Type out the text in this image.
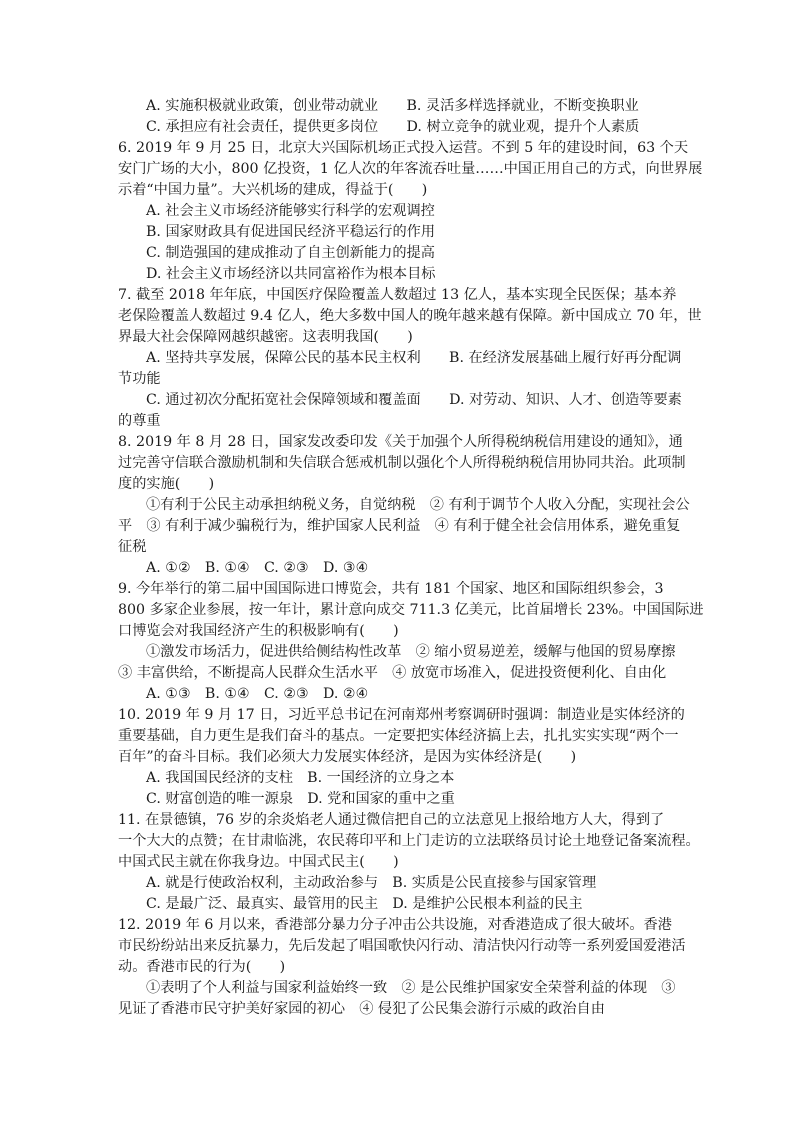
A. 实施积极就业政策，创业带动就业　　B. 灵活多样选择就业，不断变换职业
C. 承担应有社会责任，提供更多岗位　　D. 树立竞争的就业观，提升个人素质
6. 2019 年 9 月 25 日，北京大兴国际机场正式投入运营。不到 5 年的建设时间，63 个天
安门广场的大小，800 亿投资，1 亿人次的年客流吞吐量……中国正用自己的方式，向世界展
示着“中国力量”。大兴机场的建成，得益于(　　)
A. 社会主义市场经济能够实行科学的宏观调控
B. 国家财政具有促进国民经济平稳运行的作用
C. 制造强国的建成推动了自主创新能力的提高
D. 社会主义市场经济以共同富裕作为根本目标
7. 截至 2018 年年底，中国医疗保险覆盖人数超过 13 亿人，基本实现全民医保；基本养
老保险覆盖人数超过 9.4 亿人，绝大多数中国人的晚年越来越有保障。新中国成立 70 年，世
界最大社会保障网越织越密。这表明我国(　　)
A. 坚持共享发展，保障公民的基本民主权利　　B. 在经济发展基础上履行好再分配调
节功能
C. 通过初次分配拓宽社会保障领域和覆盖面　　D. 对劳动、知识、人才、创造等要素
的尊重
8. 2019 年 8 月 28 日，国家发改委印发《关于加强个人所得税纳税信用建设的通知》，通
过完善守信联合激励机制和失信联合惩戒机制以强化个人所得税纳税信用协同共治。此项制
度的实施(　　)
①有利于公民主动承担纳税义务，自觉纳税　② 有利于调节个人收入分配，实现社会公
平　③ 有利于减少骗税行为，维护国家人民利益　④ 有利于健全社会信用体系，避免重复
征税
A. ①②　B. ①④　C. ②③　D. ③④
9. 今年举行的第二届中国国际进口博览会，共有 181 个国家、地区和国际组织参会，3
800 多家企业参展，按一年计，累计意向成交 711.3 亿美元，比首届增长 23%。中国国际进
口博览会对我国经济产生的积极影响有(　　)
①激发市场活力，促进供给侧结构性改革　② 缩小贸易逆差，缓解与他国的贸易摩擦
③ 丰富供给，不断提高人民群众生活水平　④ 放宽市场准入，促进投资便利化、自由化
A. ①③　B. ①④　C. ②③　D. ②④
10. 2019 年 9 月 17 日，习近平总书记在河南郑州考察调研时强调：制造业是实体经济的
重要基础，自力更生是我们奋斗的基点。一定要把实体经济搞上去，扎扎实实实现“两个一
百年”的奋斗目标。我们必须大力发展实体经济，是因为实体经济是(　　)
A. 我国国民经济的支柱　B. 一国经济的立身之本
C. 财富创造的唯一源泉　D. 党和国家的重中之重
11. 在景德镇，76 岁的余炎焰老人通过微信把自己的立法意见上报给地方人大，得到了
一个大大的点赞；在甘肃临洮，农民蒋印平和上门走访的立法联络员讨论土地登记备案流程。
中国式民主就在你我身边。中国式民主(　　)
A. 就是行使政治权利，主动政治参与　B. 实质是公民直接参与国家管理
C. 是最广泛、最真实、最管用的民主　D. 是维护公民根本利益的民主
12. 2019 年 6 月以来，香港部分暴力分子冲击公共设施，对香港造成了很大破坏。香港
市民纷纷站出来反抗暴力，先后发起了唱国歌快闪行动、清洁快闪行动等一系列爱国爱港活
动。香港市民的行为(　　)
①表明了个人利益与国家利益始终一致　② 是公民维护国家安全荣誉利益的体现　③
见证了香港市民守护美好家园的初心　④ 侵犯了公民集会游行示威的政治自由
